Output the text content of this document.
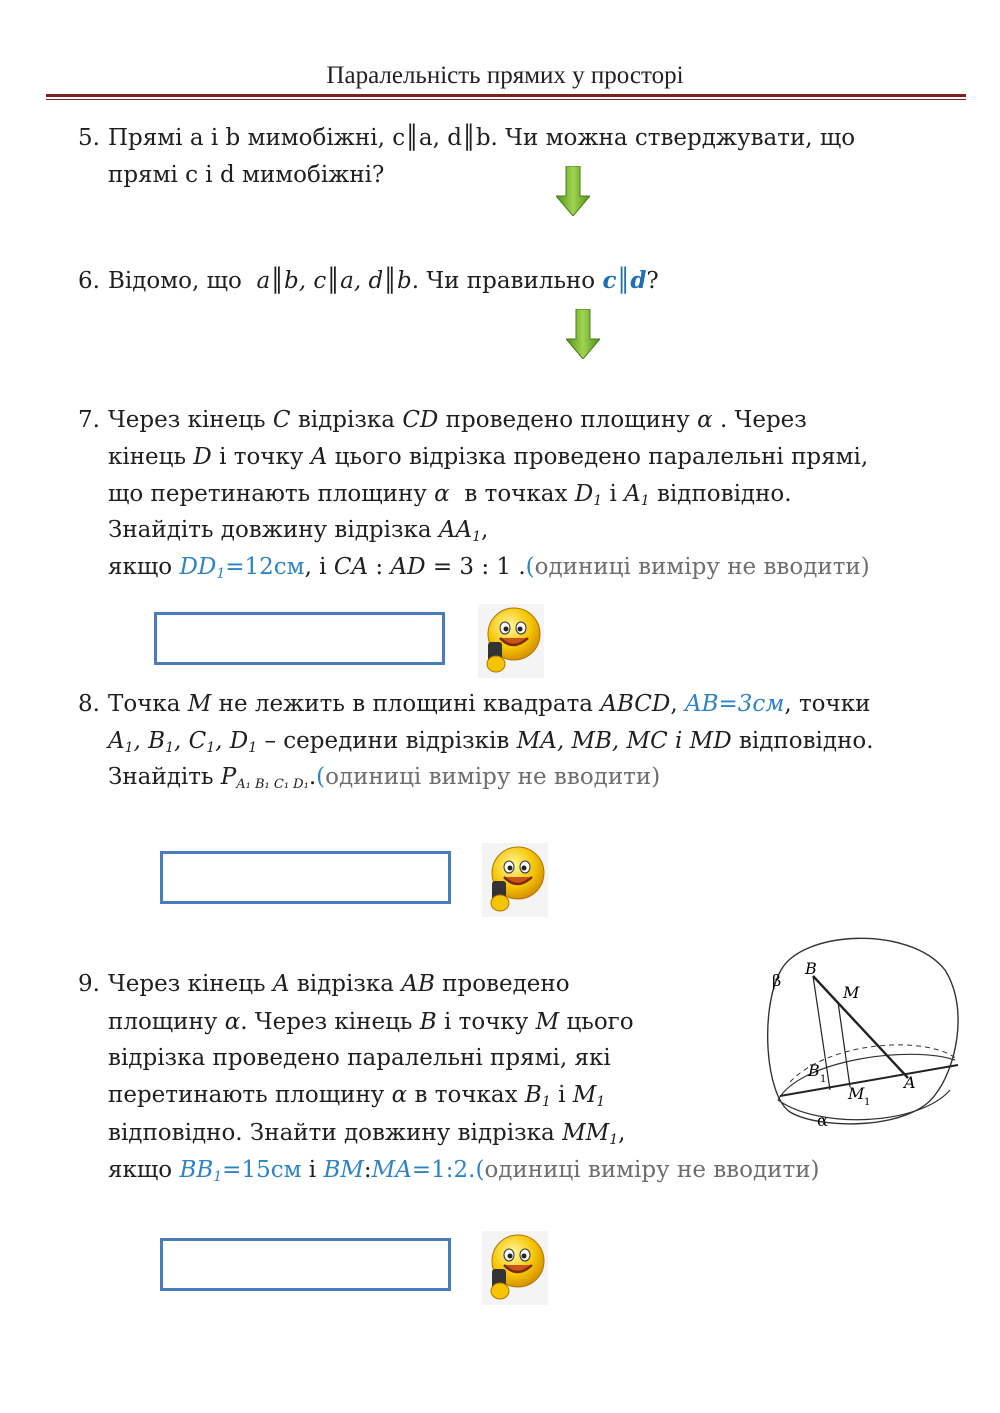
Паралельність прямих у просторі
5. Прямі a і b мимобіжні, c║a, d║b. Чи можна стверджувати, що
прямі c і d мимобіжні?
6. Відомо, що a║b, c║a, d║b. Чи правильно c║d?
7. Через кінець C відрізка CD проведено площину α . Через
кінець D і точку A цього відрізка проведено паралельні прямі,
що перетинають площину α в точках $D_1$ і $A_1$ відповідно.
Знайдіть довжину відрізка $AA_1$,
якщо $DD_1=12см$, і CA : AD = 3 : 1 .(одиниці виміру не вводити)
8. Точка M не лежить в площині квадрата ABCD, AB=3см, точки
$A_1$, $B_1$, $C_1$, $D_1$ – середини відрізків MA, MB, MC і MD відповідно.
Знайдіть $P_{A_1 B_1 C_1 D_1}.(одиниці$ виміру не вводити)
9. Через кінець A відрізка AB проведено
площину α. Через кінець B і точку M цього
відрізка проведено паралельні прямі, які
перетинають площину α в точках $B_1$ і $M_1$
відповідно. Знайти довжину відрізка $MM_1$,
якщо $BB_1=15см$ і BM:MA=1:2.(одиниці виміру не вводити)
B
M
β
B 1
M 1
A
α
